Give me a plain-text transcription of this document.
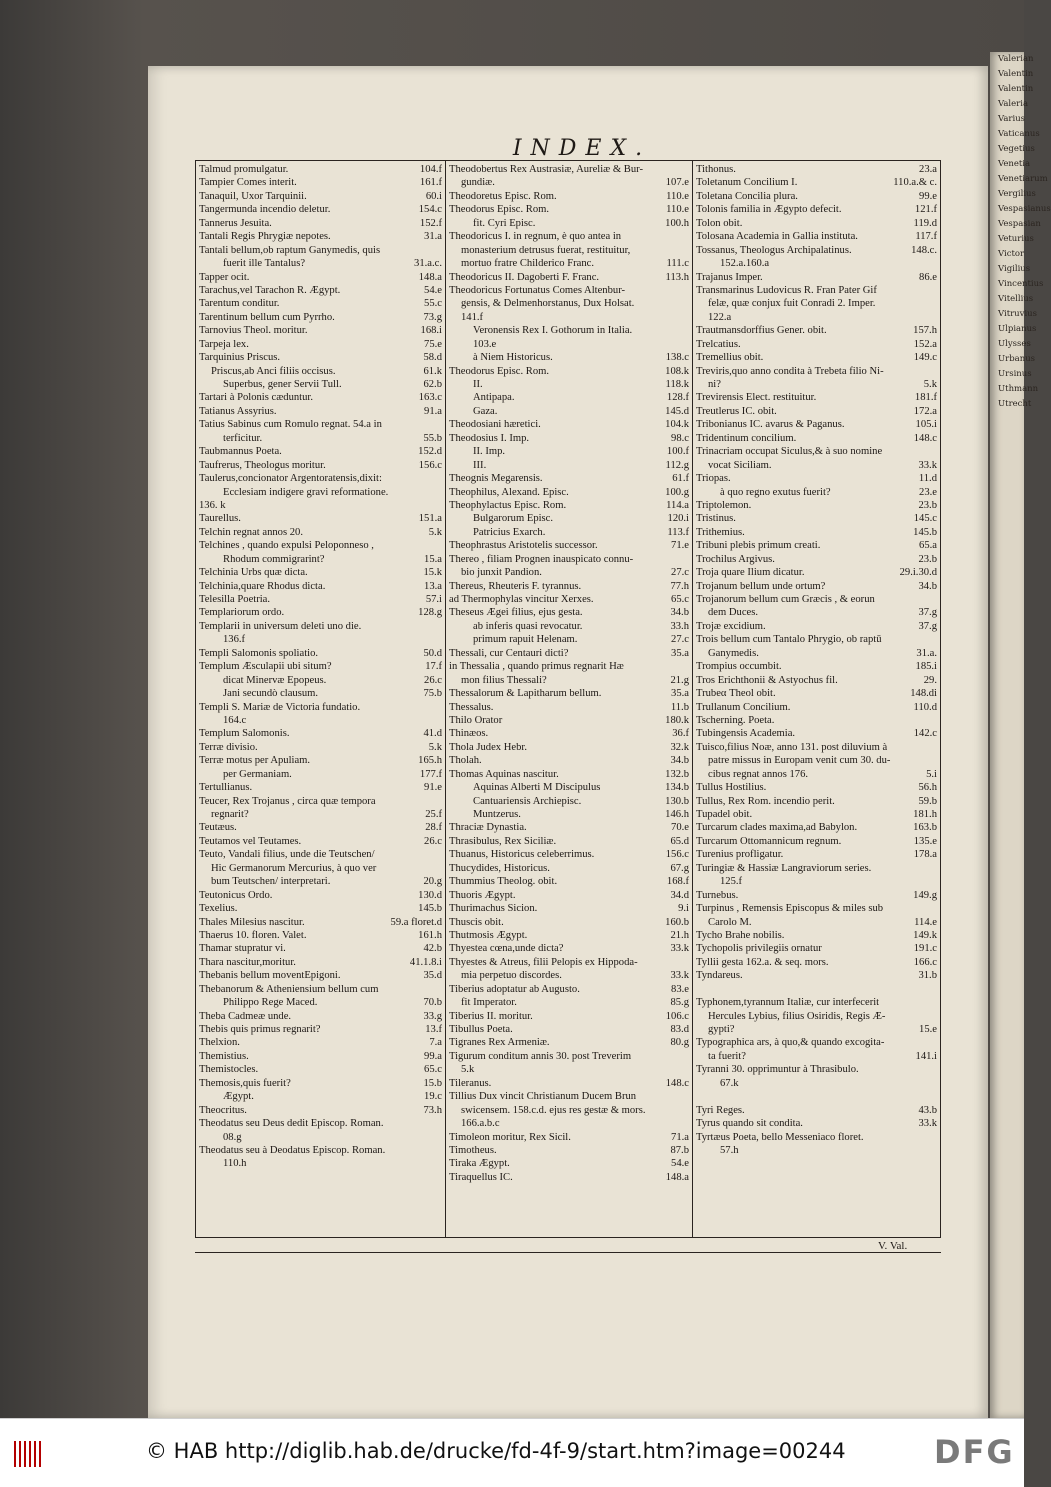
Valerian
Valentin
Valentin
Valeria
Varius
Vaticanus
Vegetius
Venetia
Venetiarum
Vergilius
Vespasianus
Vespasian
Veturius
Victor
Vigilius
Vincentius
Vitellius
Vitruvius
Ulpianus
Ulysses
Urbanus
Ursinus
Uthmann
Utrecht
INDEX.
Talmud promulgatur.	104.f
Tampier Comes interit.	161.f
Tanaquil, Uxor Tarquinii.	60.i
Tangermunda incendio deletur.	154.c
Tannerus Jesuita.	152.f
Tantali Regis Phrygiæ nepotes.	31.a
Tantali bellum,ob raptum Ganymedis, quis
fuerit ille Tantalus?	31.a.c.
Tapper ocit.	148.a
Tarachus,vel Tarachon R. Ægypt.	54.e
Tarentum conditur.	55.c
Tarentinum bellum cum Pyrrho.	73.g
Tarnovius Theol. moritur.	168.i
Tarpeja lex.	75.e
Tarquinius Priscus.	58.d
Priscus,ab Anci filiis occisus.	61.k
Superbus, gener Servii Tull.	62.b
Tartari à Polonis cæduntur.	163.c
Tatianus Assyrius.	91.a
Tatius Sabinus cum Romulo regnat. 54.a in
terficitur.	55.b
Taubmannus Poeta.	152.d
Taufrerus, Theologus moritur.	156.c
Taulerus,concionator Argentoratensis,dixit:
Ecclesiam indigere gravi reformatione.
136. k
Taurellus.	151.a
Telchin regnat annos 20.	5.k
Telchines , quando expulsi Peloponneso ,
Rhodum commigrarint?	15.a
Telchinia Urbs quæ dicta.	15.k
Telchinia,quare Rhodus dicta.	13.a
Telesilla Poetria.	57.i
Templariorum ordo.	128.g
Templarii in universum deleti uno die.
136.f
Templi Salomonis spoliatio.	50.d
Templum Æsculapii ubi situm?	17.f
dicat Minervæ Epopeus.	26.c
Jani secundò clausum.	75.b
Templi S. Mariæ de Victoria fundatio.
164.c
Templum Salomonis.	41.d
Terræ divisio.	5.k
Terræ motus per Apuliam.	165.h
per Germaniam.	177.f
Tertullianus.	91.e
Teucer, Rex Trojanus , circa quæ tempora
regnarit?	25.f
Teutæus.	28.f
Teutamos vel Teutames.	26.c
Teuto, Vandali filius, unde die Teutschen/
Hic Germanorum Mercurius, à quo ver
bum Teutschen/ interpretari.	20.g
Teutonicus Ordo.	130.d
Texelius.	145.b
Thales Milesius nascitur.	59.a floret.d
Thaerus 10. floren. Valet.	161.h
Thamar stupratur vi.	42.b
Thara nascitur,moritur.	41.1.8.i
Thebanis bellum moventEpigoni.	35.d
Thebanorum & Atheniensium bellum cum
Philippo Rege Maced.	70.b
Theba Cadmeæ unde.	33.g
Thebis quis primus regnarit?	13.f
Thelxion.	7.a
Themistius.	99.a
Themistocles.	65.c
Themosis,quis fuerit?	15.b
Ægypt.	19.c
Theocritus.	73.h
Theodatus seu Deus dedit Episcop. Roman.
08.g
Theodatus seu à Deodatus Episcop. Roman.
110.h
Theodobertus Rex Austrasiæ, Aureliæ & Bur-
gundiæ.	107.e
Theodoretus Episc. Rom.	110.e
Theodorus Episc. Rom.	110.e
fit. Cyri Episc.	100.h
Theodoricus I. in regnum, è quo antea in
monasterium detrusus fuerat, restituitur,
mortuo fratre Childerico Franc.	111.c
Theodoricus II. Dagoberti F. Franc.	113.h
Theodoricus Fortunatus Comes Altenbur-
gensis, & Delmenhorstanus, Dux Holsat.
141.f
Veronensis Rex I. Gothorum in Italia.
103.e
à Niem Historicus.	138.c
Theodorus Episc. Rom.	108.k
II.	118.k
Antipapa.	128.f
Gaza.	145.d
Theodosiani hæretici.	104.k
Theodosius I. Imp.	98.c
II. Imp.	100.f
III.	112.g
Theognis Megarensis.	61.f
Theophilus, Alexand. Episc.	100.g
Theophylactus Episc. Rom.	114.a
Bulgarorum Episc.	120.i
Patricius Exarch.	113.f
Theophrastus Aristotelis successor.	71.e
Thereo , filiam Prognen inauspicato connu-
bio junxit Pandion.	27.c
Thereus, Rheuteris F. tyrannus.	77.h
ad Thermophylas vincitur Xerxes.	65.c
Theseus Ægei filius, ejus gesta.	34.b
ab inferis quasi revocatur.	33.h
primum rapuit Helenam.	27.c
Thessali, cur Centauri dicti?	35.a
in Thessalia , quando primus regnarit Hæ
mon filius Thessali?	21.g
Thessalorum & Lapitharum bellum.	35.a
Thessalus.	11.b
Thilo Orator	180.k
Thinæos.	36.f
Thola Judex Hebr.	32.k
Tholah.	34.b
Thomas Aquinas nascitur.	132.b
Aquinas Alberti M Discipulus	134.b
Cantuariensis Archiepisc.	130.b
Muntzerus.	146.h
Thraciæ Dynastia.	70.e
Thrasibulus, Rex Siciliæ.	65.d
Thuanus, Historicus celeberrimus.	156.c
Thucydides, Historicus.	67.g
Thummius Theolog. obit.	168.f
Thuoris Ægypt.	34.d
Thurimachus Sicion.	9.i
Thuscis obit.	160.b
Thutmosis Ægypt.	21.h
Thyestea cœna,unde dicta?	33.k
Thyestes & Atreus, filii Pelopis ex Hippoda-
mia perpetuo discordes.	33.k
Tiberius adoptatur ab Augusto.	83.e
fit Imperator.	85.g
Tiberius II. moritur.	106.c
Tibullus Poeta.	83.d
Tigranes Rex Armeniæ.	80.g
Tigurum conditum annis 30. post Treverim
5.k
Tileranus.	148.c
Tillius Dux vincit Christianum Ducem Brun
swicensem. 158.c.d. ejus res gestæ & mors.
166.a.b.c
Timoleon moritur, Rex Sicil.	71.a
Timotheus.	87.b
Tiraka Ægypt.	54.e
Tiraquellus IC.	148.a
Tithonus.	23.a
Toletanum Concilium I.	110.a.& c.
Toletana Concilia plura.	99.e
Tolonis familia in Ægypto defecit.	121.f
Tolon obit.	119.d
Tolosana Academia in Gallia instituta.	117.f
Tossanus, Theologus Archipalatinus.	148.c.
152.a.160.a
Trajanus Imper.	86.e
Transmarinus Ludovicus R. Fran Pater Gif
felæ, quæ conjux fuit Conradi 2. Imper.
122.a
Trautmansdorffius Gener. obit.	157.h
Trelcatius.	152.a
Tremellius obit.	149.c
Treviris,quo anno condita à Trebeta filio Ni-
ni?	5.k
Trevirensis Elect. restituitur.	181.f
Treutlerus IC. obit.	172.a
Tribonianus IC. avarus & Paganus.	105.i
Tridentinum concilium.	148.c
Trinacriam occupat Siculus,& à suo nomine
vocat Siciliam.	33.k
Triopas.	11.d
à quo regno exutus fuerit?	23.e
Triptolemon.	23.b
Tristinus.	145.c
Trithemius.	145.b
Tribuni plebis primum creati.	65.a
Trochilus Argivus.	23.b
Troja quare Ilium dicatur.	29.i.30.d
Trojanum bellum unde ortum?	34.b
Trojanorum bellum cum Græcis , & eorun
dem Duces.	37.g
Trojæ excidium.	37.g
Trois bellum cum Tantalo Phrygio, ob raptū
Ganymedis.	31.a.
Trompius occumbit.	185.i
Tros Erichthonii & Astyochus fil.	29.
Trubeα Theol obit.	148.di
Trullanum Concilium.	110.d
Tscherning. Poeta.
Tubingensis Academia.	142.c
Tuisco,filius Noæ, anno 131. post diluvium à
patre missus in Europam venit cum 30. du-
cibus regnat annos 176.	5.i
Tullus Hostilius.	56.h
Tullus, Rex Rom. incendio perit.	59.b
Tupadel obit.	181.h
Turcarum clades maxima,ad Babylon.	163.b
Turcarum Ottomannicum regnum.	135.e
Turenius profligatur.	178.a
Turingiæ & Hassiæ Langraviorum series.
125.f
Turnebus.	149.g
Turpinus , Remensis Episcopus & miles sub
Carolo M.	114.e
Tycho Brahe nobilis.	149.k
Tychopolis privilegiis ornatur	191.c
Tyllii gesta 162.a. & seq. mors.	166.c
Tyndareus.	31.b
Typhonem,tyrannum Italiæ, cur interfecerit
Hercules Lybius, filius Osiridis, Regis Æ-
gypti?	15.e
Typographica ars, à quo,& quando excogita-
ta fuerit?	141.i
Tyranni 30. opprimuntur à Thrasibulo.
67.k
Tyri Reges.	43.b
Tyrus quando sit condita.	33.k
Tyrtæus Poeta, bello Messeniaco floret.
57.h
V. Val.
© HAB http://diglib.hab.de/drucke/fd-4f-9/start.htm?image=00244	DFG
